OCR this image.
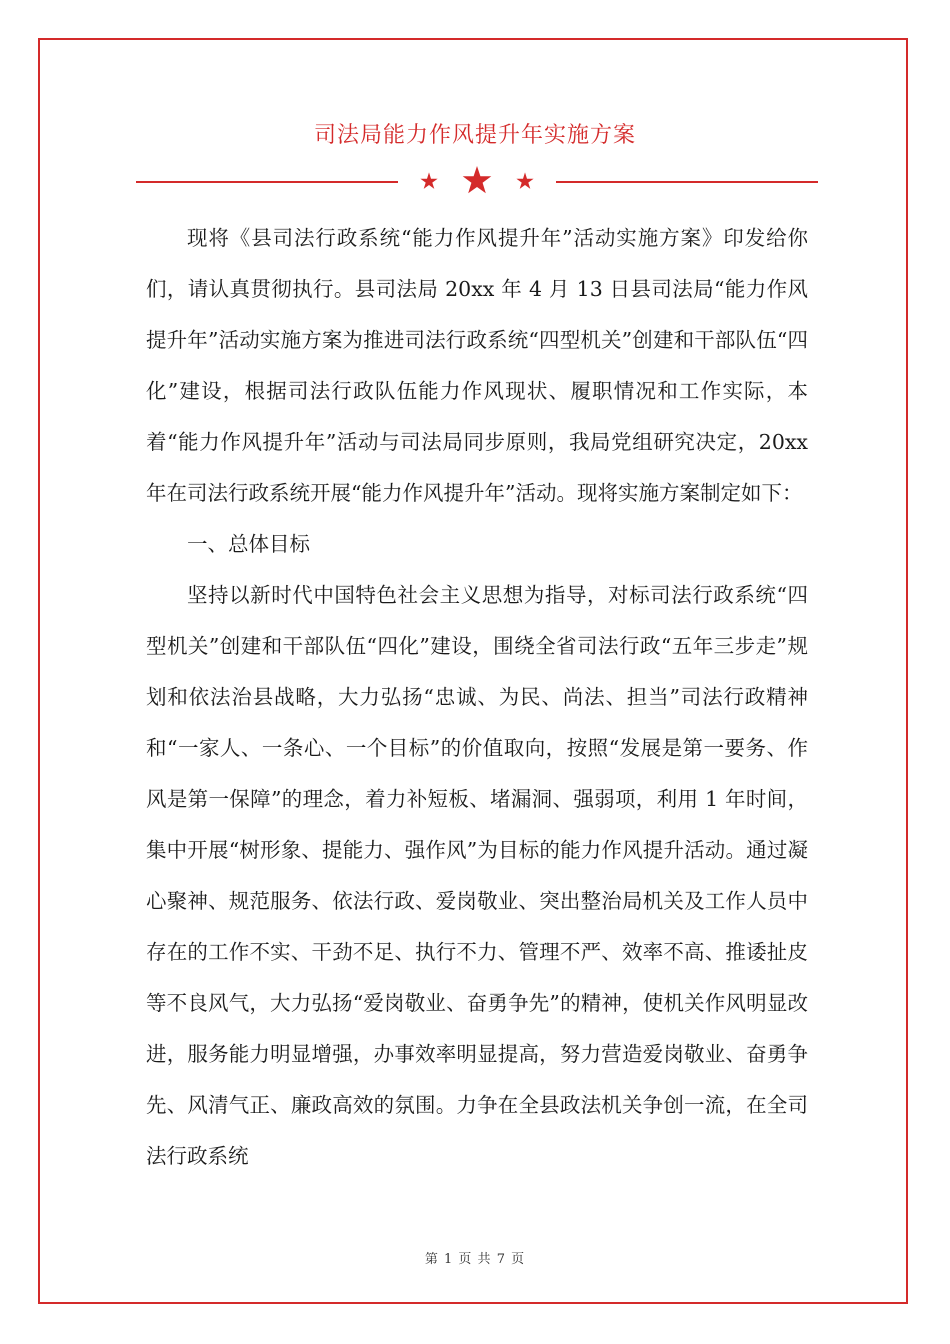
司法局能力作风提升年实施方案

现将《县司法行政系统“能力作风提升年”活动实施方案》印发给你们，请认真贯彻执行。县司法局 20xx 年 4 月 13 日县司法局“能力作风提升年”活动实施方案为推进司法行政系统“四型机关”创建和干部队伍“四化”建设，根据司法行政队伍能力作风现状、履职情况和工作实际，本着“能力作风提升年”活动与司法局同步原则，我局党组研究决定，20xx 年在司法行政系统开展“能力作风提升年”活动。现将实施方案制定如下：

一、总体目标

坚持以新时代中国特色社会主义思想为指导，对标司法行政系统“四型机关”创建和干部队伍“四化”建设，围绕全省司法行政“五年三步走”规划和依法治县战略，大力弘扬“忠诚、为民、尚法、担当”司法行政精神和“一家人、一条心、一个目标”的价值取向，按照“发展是第一要务、作风是第一保障”的理念，着力补短板、堵漏洞、强弱项，利用 1 年时间，集中开展“树形象、提能力、强作风”为目标的能力作风提升活动。通过凝心聚神、规范服务、依法行政、爱岗敬业、突出整治局机关及工作人员中存在的工作不实、干劲不足、执行不力、管理不严、效率不高、推诿扯皮等不良风气，大力弘扬“爱岗敬业、奋勇争先”的精神，使机关作风明显改进，服务能力明显增强，办事效率明显提高，努力营造爱岗敬业、奋勇争先、风清气正、廉政高效的氛围。力争在全县政法机关争创一流，在全司法行政系统

第 1 页 共 7 页
